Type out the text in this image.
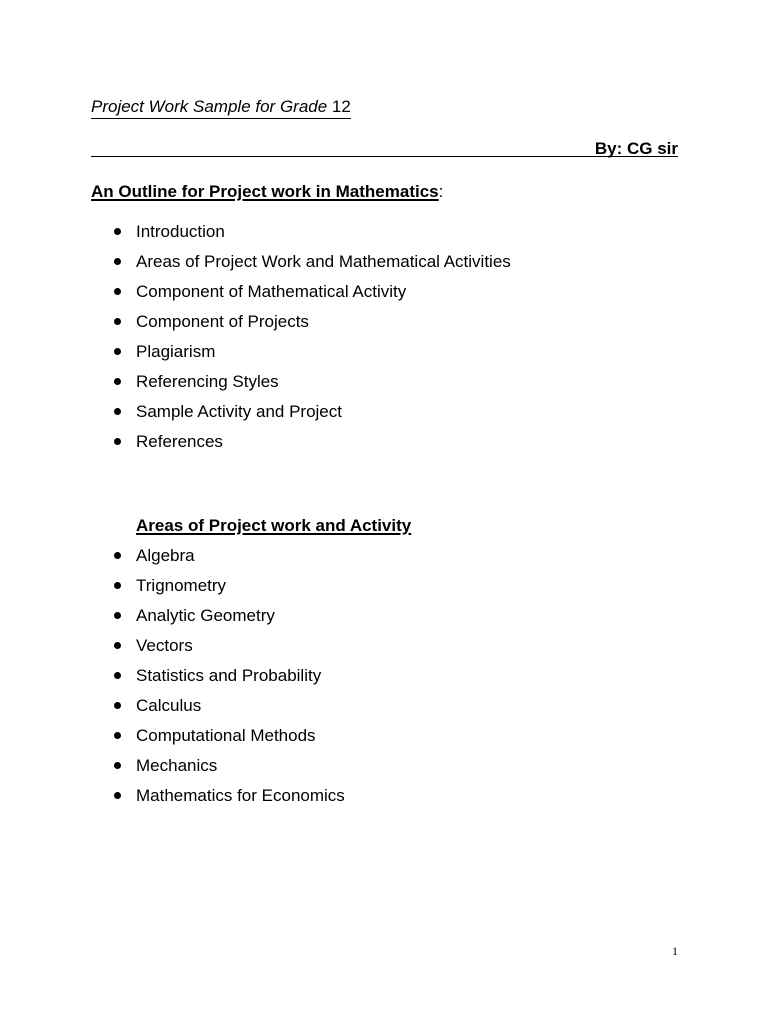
Project Work Sample for Grade 12
By: CG sir
An Outline for Project work in Mathematics:
Introduction
Areas of Project Work and Mathematical Activities
Component of Mathematical Activity
Component of Projects
Plagiarism
Referencing Styles
Sample Activity and Project
References
Areas of Project work and Activity
Algebra
Trignometry
Analytic Geometry
Vectors
Statistics and Probability
Calculus
Computational Methods
Mechanics
Mathematics for Economics
1
